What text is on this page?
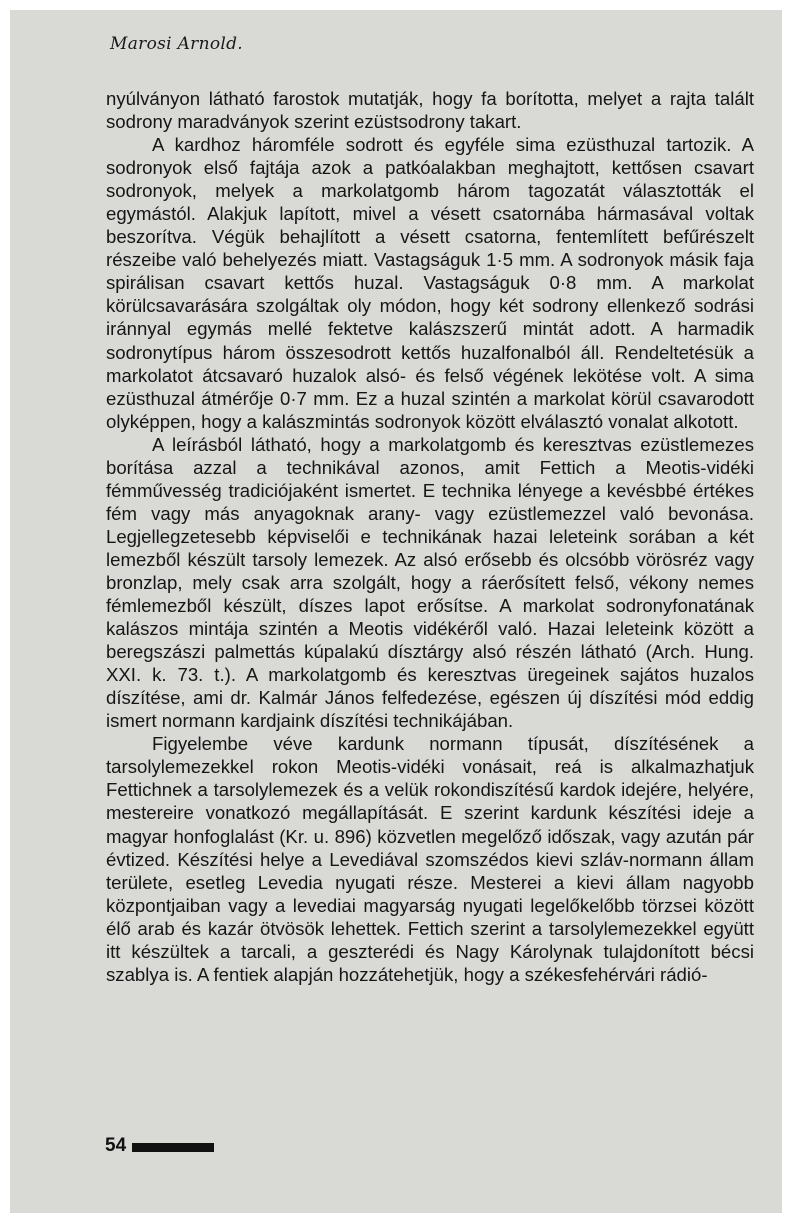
Marosi Arnold.

nyúlványon látható farostok mutatják, hogy fa borította, melyet a rajta talált sodrony maradványok szerint ezüstsodrony takart.

A kardhoz háromféle sodrott és egyféle sima ezüsthuzal tartozik. A sodronyok első fajtája azok a patkóalakban meghajtott, kettősen csavart sodronyok, melyek a markolatgomb három tagozatát választották el egymástól. Alakjuk lapított, mivel a vésett csatornába hármasával voltak beszorítva. Végük behajlított a vésett csatorna, fentemlített befűrészelt részeibe való behelyezés miatt. Vastagságuk 1·5 mm. A sodronyok másik faja spirálisan csavart kettős huzal. Vastagságuk 0·8 mm. A markolat körülcsavarására szolgáltak oly módon, hogy két sodrony ellenkező sodrási iránnyal egymás mellé fektetve kalászszerű mintát adott. A harmadik sodronytípus három összesodrott kettős huzalfonalból áll. Rendeltetésük a markolatot átcsavaró huzalok alsó- és felső végének lekötése volt. A sima ezüsthuzal átmérője 0·7 mm. Ez a huzal szintén a markolat körül csavarodott olyképpen, hogy a kalászmintás sodronyok között elválasztó vonalat alkotott.

A leírásból látható, hogy a markolatgomb és keresztvas ezüstlemezes borítása azzal a technikával azonos, amit Fettich a Meotis-vidéki fémművesség tradiciójaként ismertet. E technika lényege a kevésbbé értékes fém vagy más anyagoknak arany- vagy ezüstlemezzel való bevonása. Legjellegzetesebb képviselői e technikának hazai leleteink sorában a két lemezből készült tarsoly lemezek. Az alsó erősebb és olcsóbb vörösréz vagy bronzlap, mely csak arra szolgált, hogy a ráerősített felső, vékony nemes fémlemezből készült, díszes lapot erősítse. A markolat sodronyfonatának kalászos mintája szintén a Meotis vidékéről való. Hazai leleteink között a beregszászi palmettás kúpalakú dísztárgy alsó részén látható (Arch. Hung. XXI. k. 73. t.). A markolatgomb és keresztvas üregeinek sajátos huzalos díszítése, ami dr. Kalmár János felfedezése, egészen új díszítési mód eddig ismert normann kardjaink díszítési technikájában.

Figyelembe véve kardunk normann típusát, díszítésének a tarsolylemezekkel rokon Meotis-vidéki vonásait, reá is alkalmazhatjuk Fettichnek a tarsolylemezek és a velük rokondiszítésű kardok idejére, helyére, mestereire vonatkozó megállapítását. E szerint kardunk készítési ideje a magyar honfoglalást (Kr. u. 896) közvetlen megelőző időszak, vagy azután pár évtized. Készítési helye a Levediával szomszédos kievi szláv-normann állam területe, esetleg Levedia nyugati része. Mesterei a kievi állam nagyobb központjaiban vagy a levediai magyarság nyugati legelőkelőbb törzsei között élő arab és kazár ötvösök lehettek. Fettich szerint a tarsolylemezekkel együtt itt készültek a tarcali, a geszterédi és Nagy Károlynak tulajdonított bécsi szablya is. A fentiek alapján hozzátehetjük, hogy a székesfehérvári rádió-

54
